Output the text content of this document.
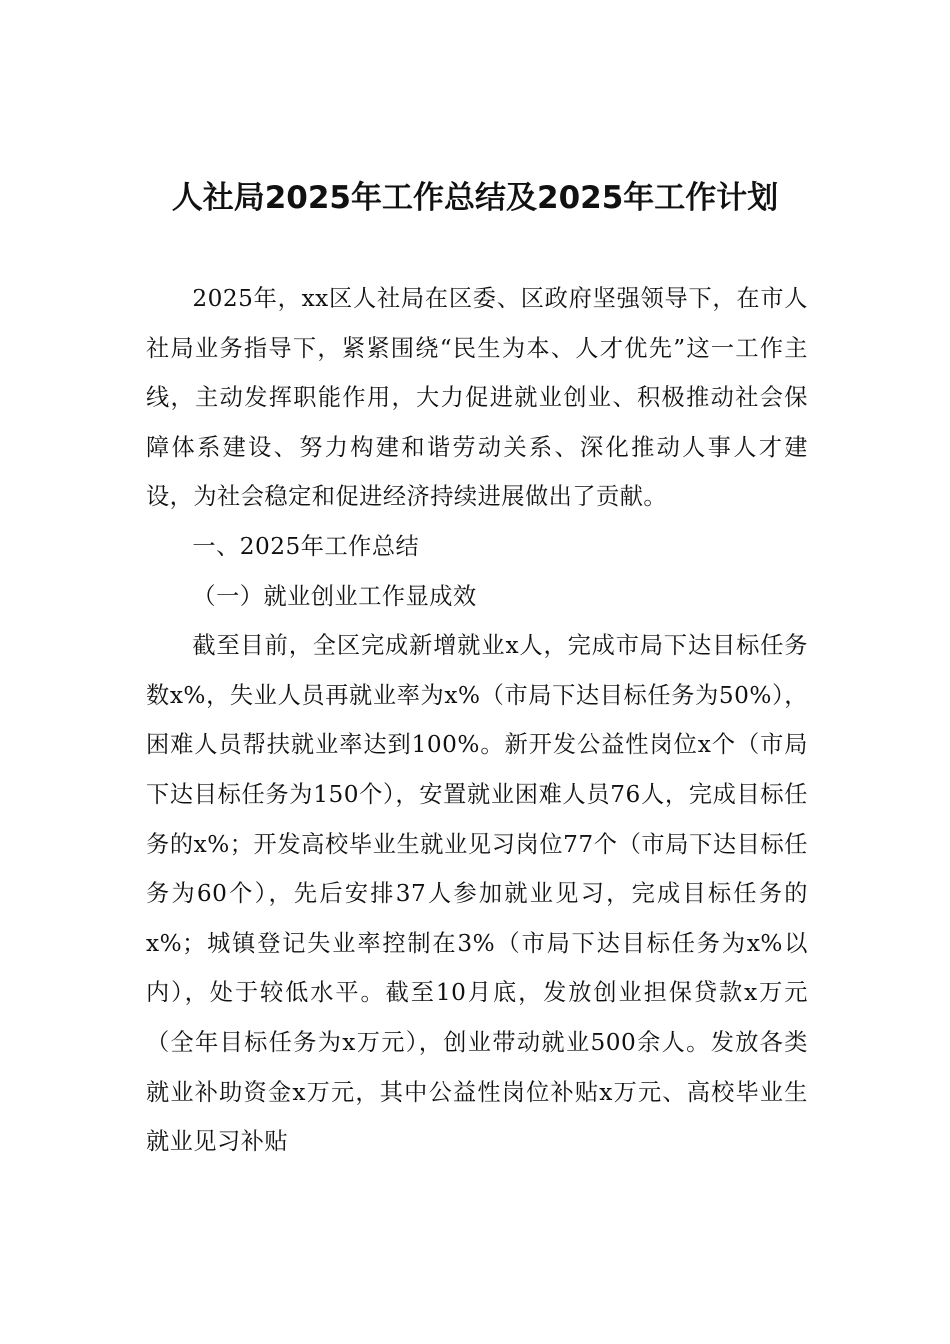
人社局2025年工作总结及2025年工作计划

2025年，xx区人社局在区委、区政府坚强领导下，在市人社局业务指导下，紧紧围绕“民生为本、人才优先”这一工作主线，主动发挥职能作用，大力促进就业创业、积极推动社会保障体系建设、努力构建和谐劳动关系、深化推动人事人才建设，为社会稳定和促进经济持续进展做出了贡献。

一、2025年工作总结

（一）就业创业工作显成效

截至目前，全区完成新增就业x人，完成市局下达目标任务数x%，失业人员再就业率为x%（市局下达目标任务为50%），困难人员帮扶就业率达到100%。新开发公益性岗位x个（市局下达目标任务为150个），安置就业困难人员76人，完成目标任务的x%；开发高校毕业生就业见习岗位77个（市局下达目标任务为60个），先后安排37人参加就业见习，完成目标任务的x%；城镇登记失业率控制在3%（市局下达目标任务为x%以内），处于较低水平。截至10月底，发放创业担保贷款x万元（全年目标任务为x万元），创业带动就业500余人。发放各类就业补助资金x万元，其中公益性岗位补贴x万元、高校毕业生就业见习补贴
